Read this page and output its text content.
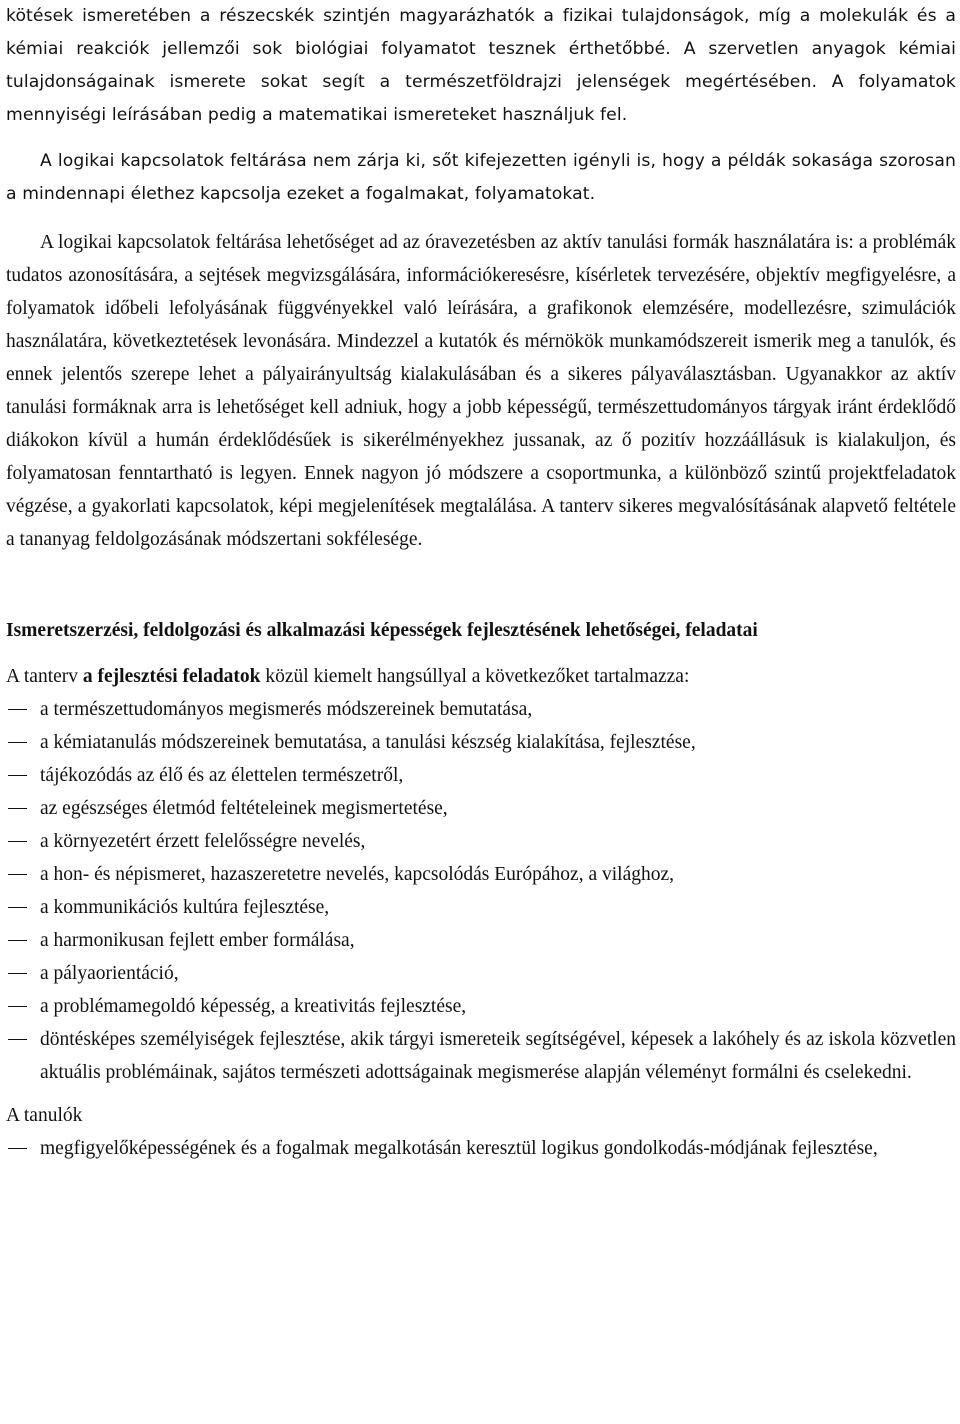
kötések ismeretében a részecskék szintjén magyarázhatók a fizikai tulajdonságok, míg a molekulák és a kémiai reakciók jellemzői sok biológiai folyamatot tesznek érthetőbbé. A szervetlen anyagok kémiai tulajdonságainak ismerete sokat segít a természetföldrajzi jelenségek megértésében. A folyamatok mennyiségi leírásában pedig a matematikai ismereteket használjuk fel.

A logikai kapcsolatok feltárása nem zárja ki, sőt kifejezetten igényli is, hogy a példák sokasága szorosan a mindennapi élethez kapcsolja ezeket a fogalmakat, folyamatokat.

A logikai kapcsolatok feltárása lehetőséget ad az óravezetésben az aktív tanulási formák használatára is: a problémák tudatos azonosítására, a sejtések megvizsgálására, információkeresésre, kísérletek tervezésére, objektív megfigyelésre, a folyamatok időbeli lefolyásának függvényekkel való leírására, a grafikonok elemzésére, modellezésre, szimulációk használatára, következtetések levonására. Mindezzel a kutatók és mérnökök munkamódszereit ismerik meg a tanulók, és ennek jelentős szerepe lehet a pályairányultság kialakulásában és a sikeres pályaválasztásban. Ugyanakkor az aktív tanulási formáknak arra is lehetőséget kell adniuk, hogy a jobb képességű, természettudományos tárgyak iránt érdeklődő diákokon kívül a humán érdeklődésűek is sikerélményekhez jussanak, az ő pozitív hozzáállásuk is kialakuljon, és folyamatosan fenntartható is legyen. Ennek nagyon jó módszere a csoportmunka, a különböző szintű projektfeladatok végzése, a gyakorlati kapcsolatok, képi megjelenítések megtalálása. A tanterv sikeres megvalósításának alapvető feltétele a tananyag feldolgozásának módszertani sokfélesége.

Ismeretszerzési, feldolgozási és alkalmazási képességek fejlesztésének lehetőségei, feladatai

A tanterv a fejlesztési feladatok közül kiemelt hangsúllyal a következőket tartalmazza:

a természettudományos megismerés módszereinek bemutatása,
a kémiatanulás módszereinek bemutatása, a tanulási készség kialakítása, fejlesztése,
tájékozódás az élő és az élettelen természetről,
az egészséges életmód feltételeinek megismertetése,
a környezetért érzett felelősségre nevelés,
a hon- és népismeret, hazaszeretetre nevelés, kapcsolódás Európához, a világhoz,
a kommunikációs kultúra fejlesztése,
a harmonikusan fejlett ember formálása,
a pályaorientáció,
a problémamegoldó képesség, a kreativitás fejlesztése,
döntésképes személyiségek fejlesztése, akik tárgyi ismereteik segítségével, képesek a lakóhely és az iskola közvetlen aktuális problémáinak, sajátos természeti adottságainak megismerése alapján véleményt formálni és cselekedni.

A tanulók

megfigyelőképességének és a fogalmak megalkotásán keresztül logikus gondolkodás-módjának fejlesztése,
